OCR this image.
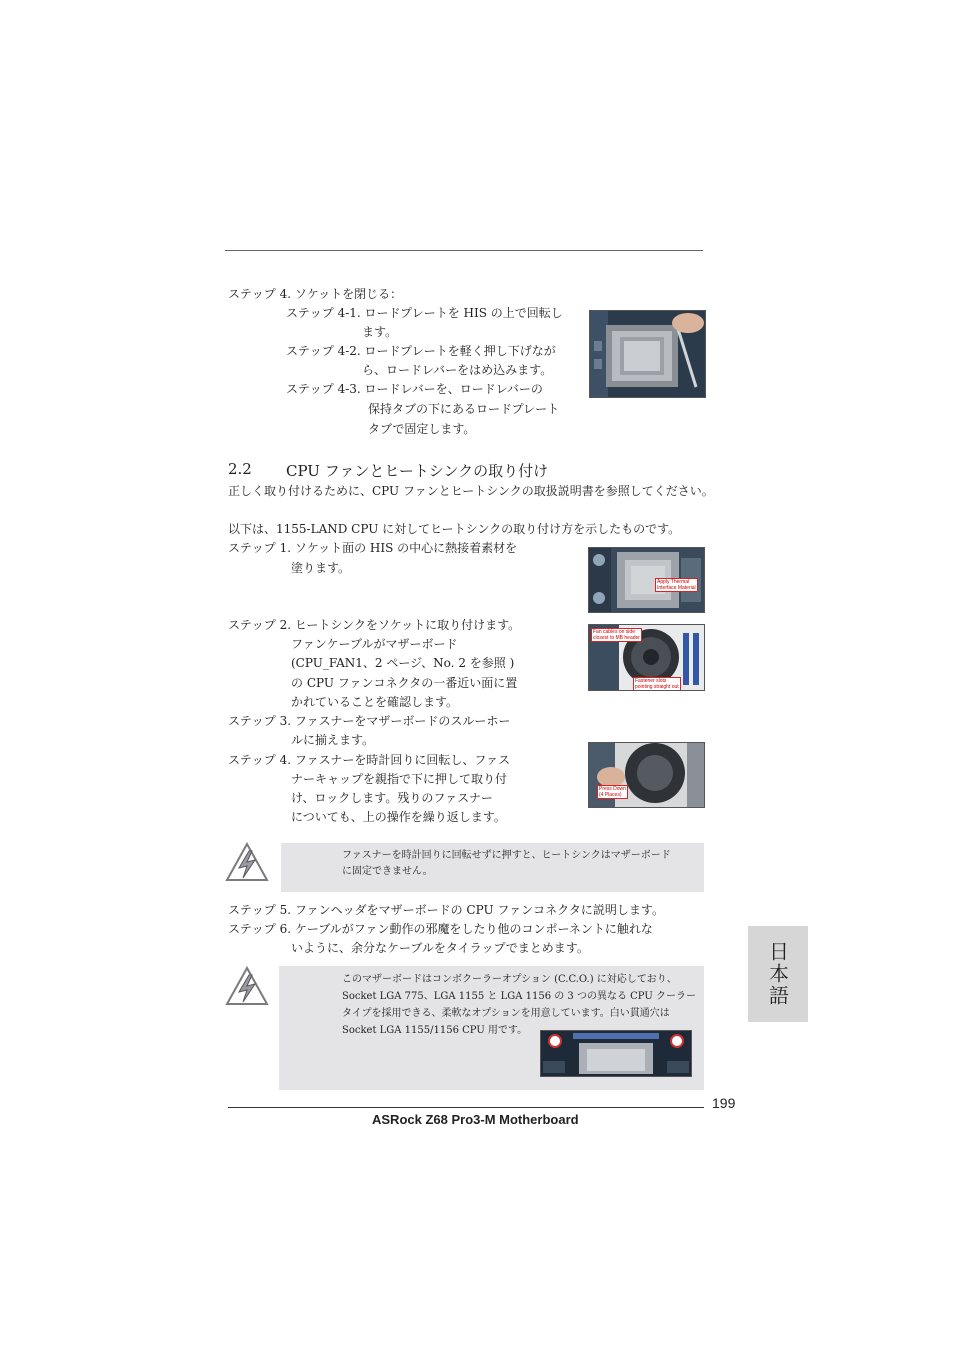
ステップ 4. ソケットを閉じる：
ステップ 4-1. ロードプレートを HIS の上で回転し
ます。
ステップ 4-2. ロードプレートを軽く押し下げなが
ら、ロードレバーをはめ込みます。
ステップ 4-3. ロードレバーを、ロードレバーの
保持タブの下にあるロードプレート
タブで固定します。
2.2 CPU ファンとヒートシンクの取り付け
正しく取り付けるために、CPU ファンとヒートシンクの取扱説明書を参照してください。
以下は、1155-LAND CPU に対してヒートシンクの取り付け方を示したものです。
ステップ 1. ソケット面の HIS の中心に熱接着素材を
塗ります。
ステップ 2. ヒートシンクをソケットに取り付けます。
ファンケーブルがマザーボード
(CPU_FAN1、2 ページ、No. 2 を参照 )
の CPU ファンコネクタの一番近い面に置
かれていることを確認します。
ステップ 3. ファスナーをマザーボードのスルーホー
ルに揃えます。
ステップ 4. ファスナーを時計回りに回転し、ファス
ナーキャップを親指で下に押して取り付
け、ロックします。残りのファスナー
についても、上の操作を繰り返します。
Apply Thermal
Interface Material
Fan cables on side
closest to MB header
Fastener slots
pointing straight out
Press Down
(4 Places)
ファスナーを時計回りに回転せずに押すと、ヒートシンクはマザーボード
に固定できません。
ステップ 5. ファンヘッダをマザーボードの CPU ファンコネクタに説明します。
ステップ 6. ケーブルがファン動作の邪魔をしたり他のコンポーネントに触れな
いように、余分なケーブルをタイラップでまとめます。
このマザーボードはコンボクーラーオプション (C.C.O.) に対応しており、
Socket LGA 775、LGA 1155 と LGA 1156 の 3 つの異なる CPU クーラー
タイプを採用できる、柔軟なオプションを用意しています。白い貫通穴は
Socket LGA 1155/1156 CPU 用です。
日本語
199
ASRock Z68 Pro3-M Motherboard
